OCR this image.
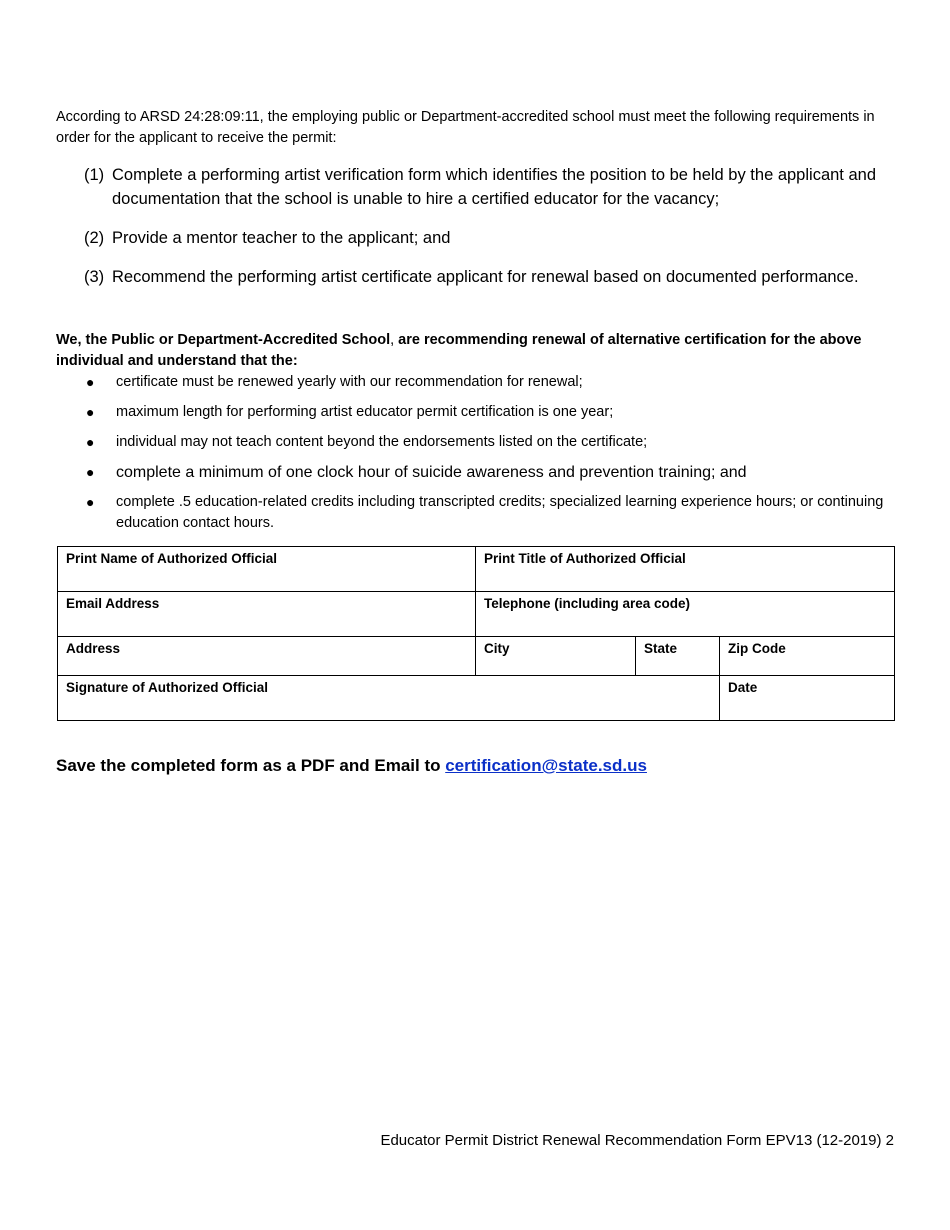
According to ARSD 24:28:09:11, the employing public or Department-accredited school must meet the following requirements in order for the applicant to receive the permit:

(1) Complete a performing artist verification form which identifies the position to be held by the applicant and documentation that the school is unable to hire a certified educator for the vacancy;
(2) Provide a mentor teacher to the applicant; and
(3) Recommend the performing artist certificate applicant for renewal based on documented performance.

We, the Public or Department-Accredited School, are recommending renewal of alternative certification for the above individual and understand that the:

●	certificate must be renewed yearly with our recommendation for renewal;
●	maximum length for performing artist educator permit certification is one year;
●	individual may not teach content beyond the endorsements listed on the certificate;
●	complete a minimum of one clock hour of suicide awareness and prevention training; and
●	complete .5 education-related credits including transcripted credits; specialized learning experience hours; or continuing education contact hours.
Print Name of Authorized Official	Print Title of Authorized Official		
Email Address	Telephone (including area code)		
Address	City	State	Zip Code
Signature of Authorized Official			Date

Save the completed form as a PDF and Email to certification@state.sd.us

Educator Permit District Renewal Recommendation Form EPV13 (12-2019) 2
